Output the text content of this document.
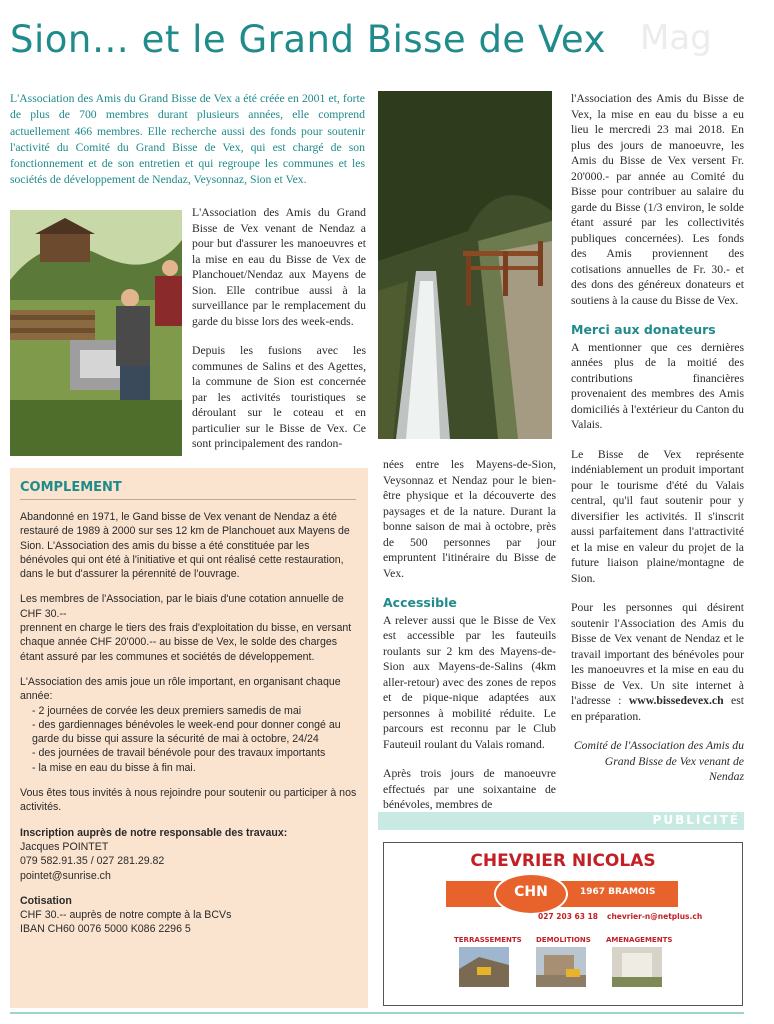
Sion… et le Grand Bisse de Vex Mag
L'Association des Amis du Grand Bisse de Vex a été créée en 2001 et, forte de plus de 700 membres durant plusieurs années, elle comprend actuellement 466 membres. Elle recherche aussi des fonds pour soutenir l'activité du Comité du Grand Bisse de Vex, qui est chargé de son fonctionnement et de son entretien et qui regroupe les communes et les sociétés de développement de Nendaz, Veysonnaz, Sion et Vex.

L'Association des Amis du Grand Bisse de Vex venant de Nendaz a pour but d'assurer les manoeuvres et la mise en eau du Bisse de Vex de Planchouet/Nendaz aux Mayens de Sion. Elle contribue aussi à la surveillance par le remplacement du garde du bisse lors des week-ends.

Depuis les fusions avec les communes de Salins et des Agettes, la commune de Sion est concernée par les activités touristiques se déroulant sur le coteau et en particulier sur le Bisse de Vex. Ce sont principalement des randon-

nées entre les Mayens-de-Sion, Veysonnaz et Nendaz pour le bien-être physique et la découverte des paysages et de la nature. Durant la bonne saison de mai à octobre, près de 500 personnes par jour empruntent l'itinéraire du Bisse de Vex.

Accessible

A relever aussi que le Bisse de Vex est accessible par les fauteuils roulants sur 2 km des Mayens-de-Sion aux Mayens-de-Salins (4km aller-retour) avec des zones de repos et de pique-nique adaptées aux personnes à mobilité réduite. Le parcours est reconnu par le Club Fauteuil roulant du Valais romand.

Après trois jours de manoeuvre effectués par une soixantaine de bénévoles, membres de

l'Association des Amis du Bisse de Vex, la mise en eau du bisse a eu lieu le mercredi 23 mai 2018. En plus des jours de manoeuvre, les Amis du Bisse de Vex versent Fr. 20'000.- par année au Comité du Bisse pour contribuer au salaire du garde du Bisse (1/3 environ, le solde étant assuré par les collectivités publiques concernées). Les fonds des Amis proviennent des cotisations annuelles de Fr. 30.- et des dons des généreux donateurs et soutiens à la cause du Bisse de Vex.

Merci aux donateurs

A mentionner que ces dernières années plus de la moitié des contributions financières provenaient des membres des Amis domiciliés à l'extérieur du Canton du Valais.

Le Bisse de Vex représente indéniablement un produit important pour le tourisme d'été du Valais central, qu'il faut soutenir pour y diversifier les activités. Il s'inscrit aussi parfaitement dans l'attractivité et la mise en valeur du projet de la future liaison plaine/montagne de Sion.

Pour les personnes qui désirent soutenir l'Association des Amis du Bisse de Vex venant de Nendaz et le travail important des bénévoles pour les manoeuvres et la mise en eau du Bisse de Vex. Un site internet à l'adresse : www.bissedevex.ch est en préparation.

Comité de l'Association des Amis du Grand Bisse de Vex venant de Nendaz

COMPLEMENT

Abandonné en 1971, le Gand bisse de Vex venant de Nendaz a été restauré de 1989 à 2000 sur ses 12 km de Planchouet aux Mayens de Sion. L'Association des amis du bisse a été constituée par les bénévoles qui ont été à l'initiative et qui ont réalisé cette restauration, dans le but d'assurer la pérennité de l'ouvrage.

Les membres de l'Association, par le biais d'une cotation annuelle de CHF 30.--

prennent en charge le tiers des frais d'exploitation du bisse, en versant chaque année CHF 20'000.-- au bisse de Vex, le solde des charges étant assuré par les communes et sociétés de développement.

L'Association des amis joue un rôle important, en organisant chaque année:

- 2 journées de corvée les deux premiers samedis de mai
- des gardiennages bénévoles le week-end pour donner congé au garde du bisse qui assure la sécurité de mai à octobre, 24/24
- des journées de travail bénévole pour des travaux importants
- la mise en eau du bisse à fin mai.

Vous êtes tous invités à nous rejoindre pour soutenir ou participer à nos activités.

Inscription auprès de notre responsable des travaux:
Jacques POINTET
079 582.91.35 / 027 281.29.82
pointet@sunrise.ch
Cotisation
CHF 30.-- auprès de notre compte à la BCVs
IBAN CH60 0076 5000 K086 2296 5
PUBLICITÉ
CHEVRIER NICOLAS
CHN	1967 BRAMOIS
027 203 63 18 chevrier-n@netplus.ch
TERRASSEMENTS DEMOLITIONS AMENAGEMENTS
